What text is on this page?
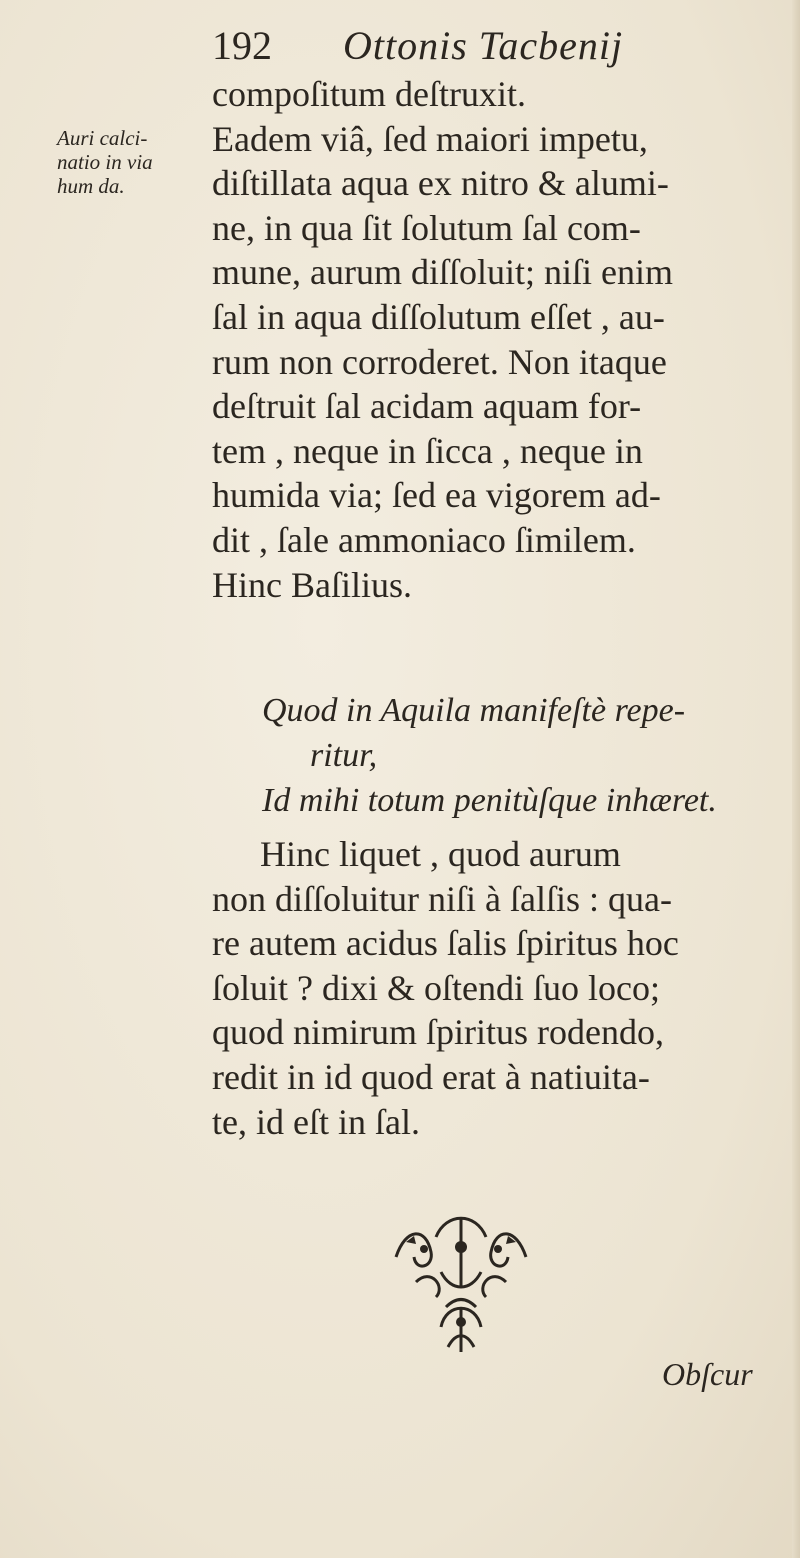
192 Ottonis Tacbenij
Auri calci-
natio in via
hum da.
compoſitum deſtruxit.
Eadem viâ, ſed maiori impetu,
diſtillata aqua ex nitro & alumi-
ne, in qua ſit ſolutum ſal com-
mune, aurum diſſoluit; niſi enim
ſal in aqua diſſolutum eſſet , au-
rum non corroderet. Non itaque
deſtruit ſal acidam aquam for-
tem , neque in ſicca , neque in
humida via; ſed ea vigorem ad-
dit , ſale ammoniaco ſimilem.
Hinc Baſilius.
Quod in Aquila manifeſtè repe-
ritur,
Id mihi totum penitùſque inhæret.
Hinc liquet , quod aurum
non diſſoluitur niſi à ſalſis : qua-
re autem acidus ſalis ſpiritus hoc
ſoluit ? dixi & oſtendi ſuo loco;
quod nimirum ſpiritus rodendo,
redit in id quod erat à natiuita-
te, id eſt in ſal.
Obſcur
